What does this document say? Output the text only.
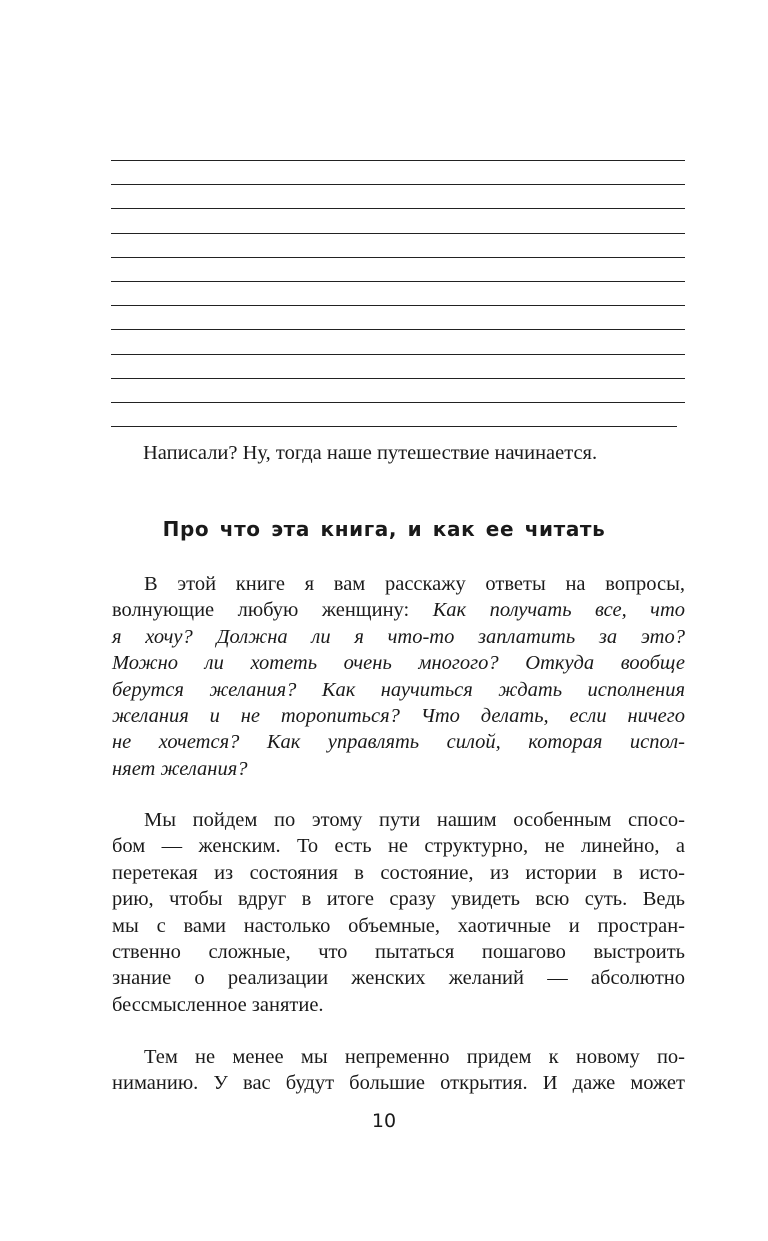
Написали? Ну, тогда наше путешествие начинается.
Про что эта книга, и как ее читать
В этой книге я вам расскажу ответы на вопросы,
волнующие любую женщину: Как получать все, что
я хочу? Должна ли я что-то заплатить за это?
Можно ли хотеть очень многого? Откуда вообще
берутся желания? Как научиться ждать исполнения
желания и не торопиться? Что делать, если ничего
не хочется? Как управлять силой, которая испол-
няет желания?
Мы пойдем по этому пути нашим особенным спосо-
бом — женским. То есть не структурно, не линейно, а
перетекая из состояния в состояние, из истории в исто-
рию, чтобы вдруг в итоге сразу увидеть всю суть. Ведь
мы с вами настолько объемные, хаотичные и простран-
ственно сложные, что пытаться пошагово выстроить
знание о реализации женских желаний — абсолютно
бессмысленное занятие.
Тем не менее мы непременно придем к новому по-
ниманию. У вас будут большие открытия. И даже может
10
